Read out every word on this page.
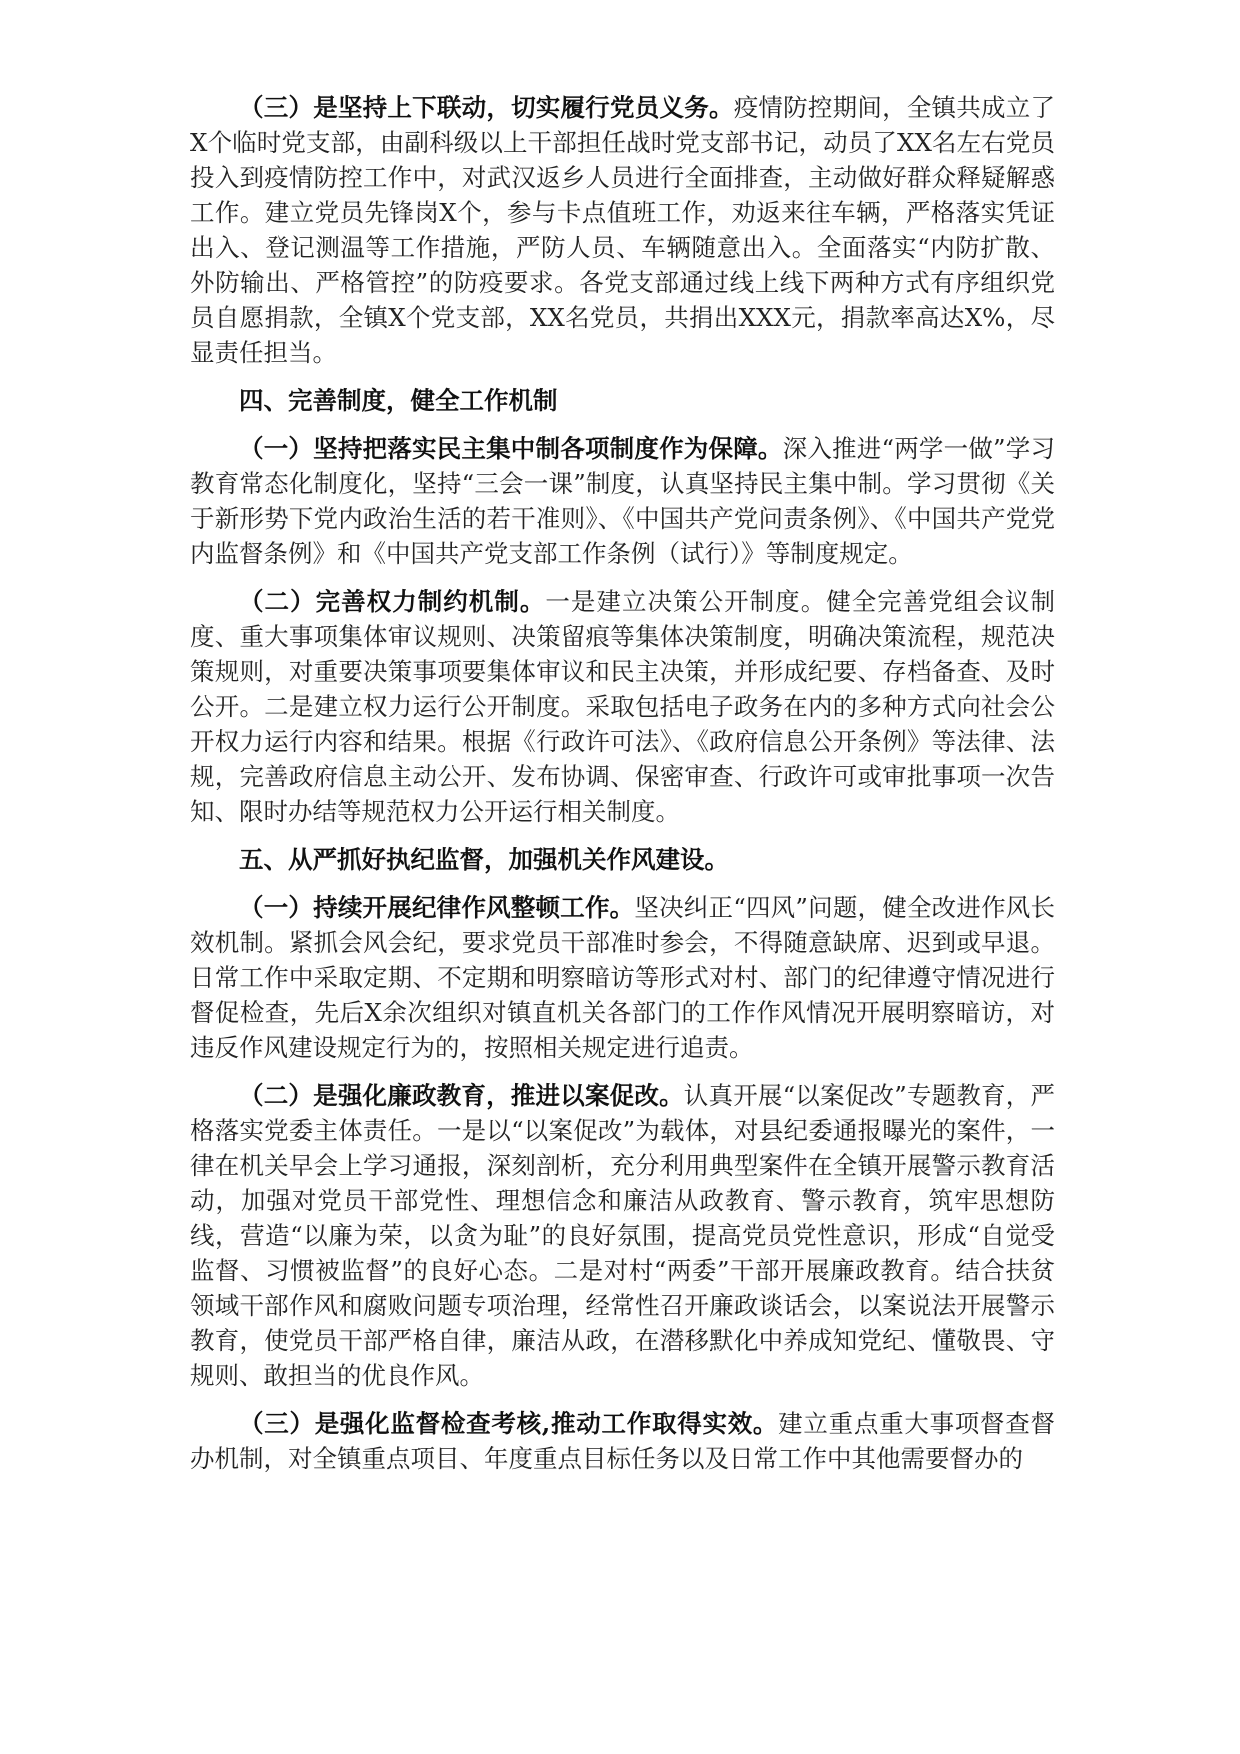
（三）是坚持上下联动，切实履行党员义务。疫情防控期间，全镇共成立了X个临时党支部，由副科级以上干部担任战时党支部书记，动员了XX名左右党员投入到疫情防控工作中，对武汉返乡人员进行全面排查，主动做好群众释疑解惑工作。建立党员先锋岗X个，参与卡点值班工作，劝返来往车辆，严格落实凭证出入、登记测温等工作措施，严防人员、车辆随意出入。全面落实“内防扩散、外防输出、严格管控”的防疫要求。各党支部通过线上线下两种方式有序组织党员自愿捐款，全镇X个党支部，XX名党员，共捐出XXX元，捐款率高达X%，尽显责任担当。

四、完善制度，健全工作机制

（一）坚持把落实民主集中制各项制度作为保障。深入推进“两学一做”学习教育常态化制度化，坚持“三会一课”制度，认真坚持民主集中制。学习贯彻《关于新形势下党内政治生活的若干准则》、《中国共产党问责条例》、《中国共产党党内监督条例》和《中国共产党支部工作条例（试行）》等制度规定。

（二）完善权力制约机制。一是建立决策公开制度。健全完善党组会议制度、重大事项集体审议规则、决策留痕等集体决策制度，明确决策流程，规范决策规则，对重要决策事项要集体审议和民主决策，并形成纪要、存档备查、及时公开。二是建立权力运行公开制度。采取包括电子政务在内的多种方式向社会公开权力运行内容和结果。根据《行政许可法》、《政府信息公开条例》等法律、法规，完善政府信息主动公开、发布协调、保密审查、行政许可或审批事项一次告知、限时办结等规范权力公开运行相关制度。

五、从严抓好执纪监督，加强机关作风建设。

（一）持续开展纪律作风整顿工作。坚决纠正“四风”问题，健全改进作风长效机制。紧抓会风会纪，要求党员干部准时参会，不得随意缺席、迟到或早退。日常工作中采取定期、不定期和明察暗访等形式对村、部门的纪律遵守情况进行督促检查，先后X余次组织对镇直机关各部门的工作作风情况开展明察暗访，对违反作风建设规定行为的，按照相关规定进行追责。

（二）是强化廉政教育，推进以案促改。认真开展“以案促改”专题教育，严格落实党委主体责任。一是以“以案促改”为载体，对县纪委通报曝光的案件，一律在机关早会上学习通报，深刻剖析，充分利用典型案件在全镇开展警示教育活动，加强对党员干部党性、理想信念和廉洁从政教育、警示教育，筑牢思想防线，营造“以廉为荣，以贪为耻”的良好氛围，提高党员党性意识，形成“自觉受监督、习惯被监督”的良好心态。二是对村“两委”干部开展廉政教育。结合扶贫领域干部作风和腐败问题专项治理，经常性召开廉政谈话会，以案说法开展警示教育，使党员干部严格自律，廉洁从政，在潜移默化中养成知党纪、懂敬畏、守规则、敢担当的优良作风。

（三）是强化监督检查考核,推动工作取得实效。建立重点重大事项督查督办机制，对全镇重点项目、年度重点目标任务以及日常工作中其他需要督办的
